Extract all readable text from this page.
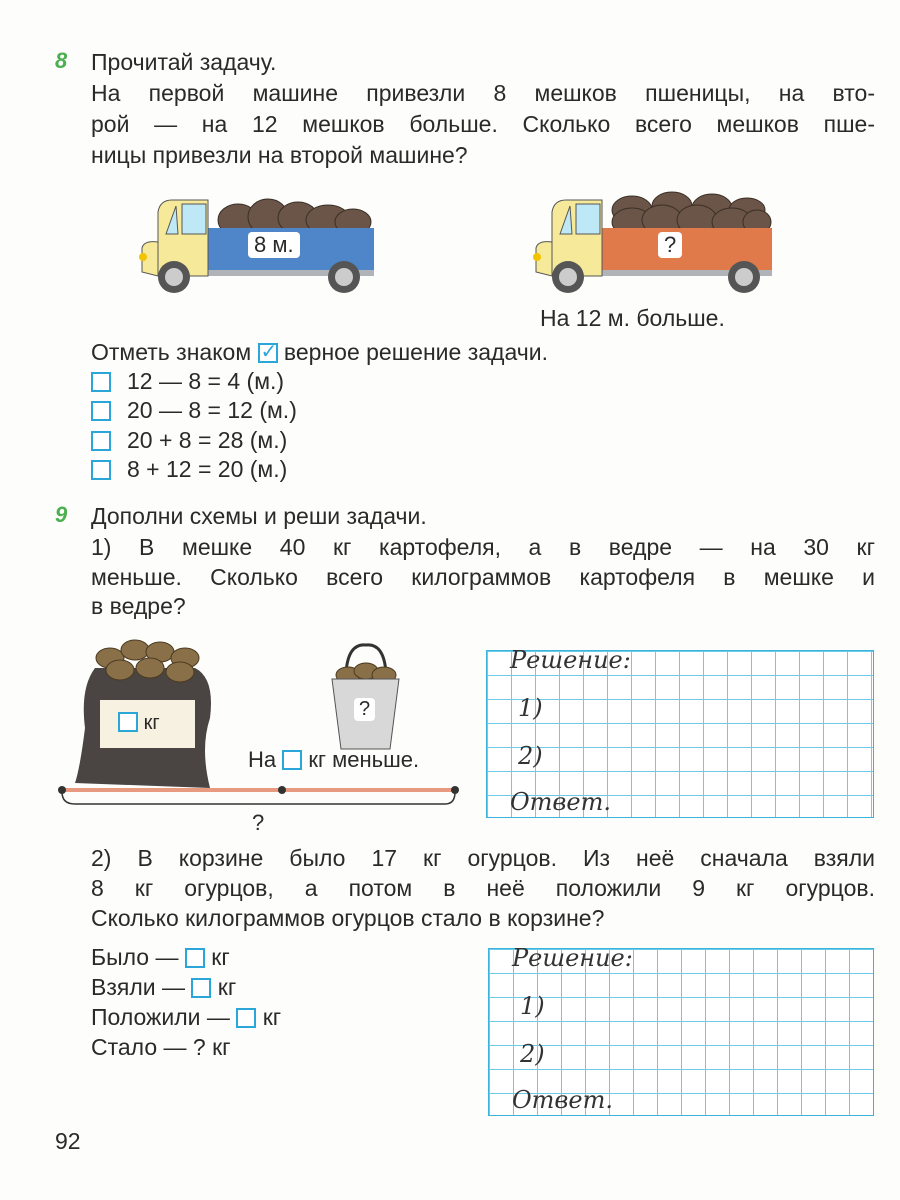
8 Прочитай задачу.
На первой машине привезли 8 мешков пшеницы, на вто-
рой — на 12 мешков больше. Сколько всего мешков пше-
ницы привезли на второй машине?
8 м.	?
На 12 м. больше.
Отметь знаком ✓ верное решение задачи.
12 — 8 = 4 (м.)
20 — 8 = 12 (м.)
20 + 8 = 28 (м.)
8 + 12 = 20 (м.)
9 Дополни схемы и реши задачи.
1) В мешке 40 кг картофеля, а в ведре — на 30 кг
меньше. Сколько всего килограммов картофеля в мешке и
в ведре?
кг
?
На кг меньше.
?
Решение:
1)
2)
Ответ.
2) В корзине было 17 кг огурцов. Из неё сначала взяли
8 кг огурцов, а потом в неё положили 9 кг огурцов.
Сколько килограммов огурцов стало в корзине?
Было — кг
Взяли — кг
Положили — кг
Стало — ? кг
Решение:
1)
2)
Ответ.
92
